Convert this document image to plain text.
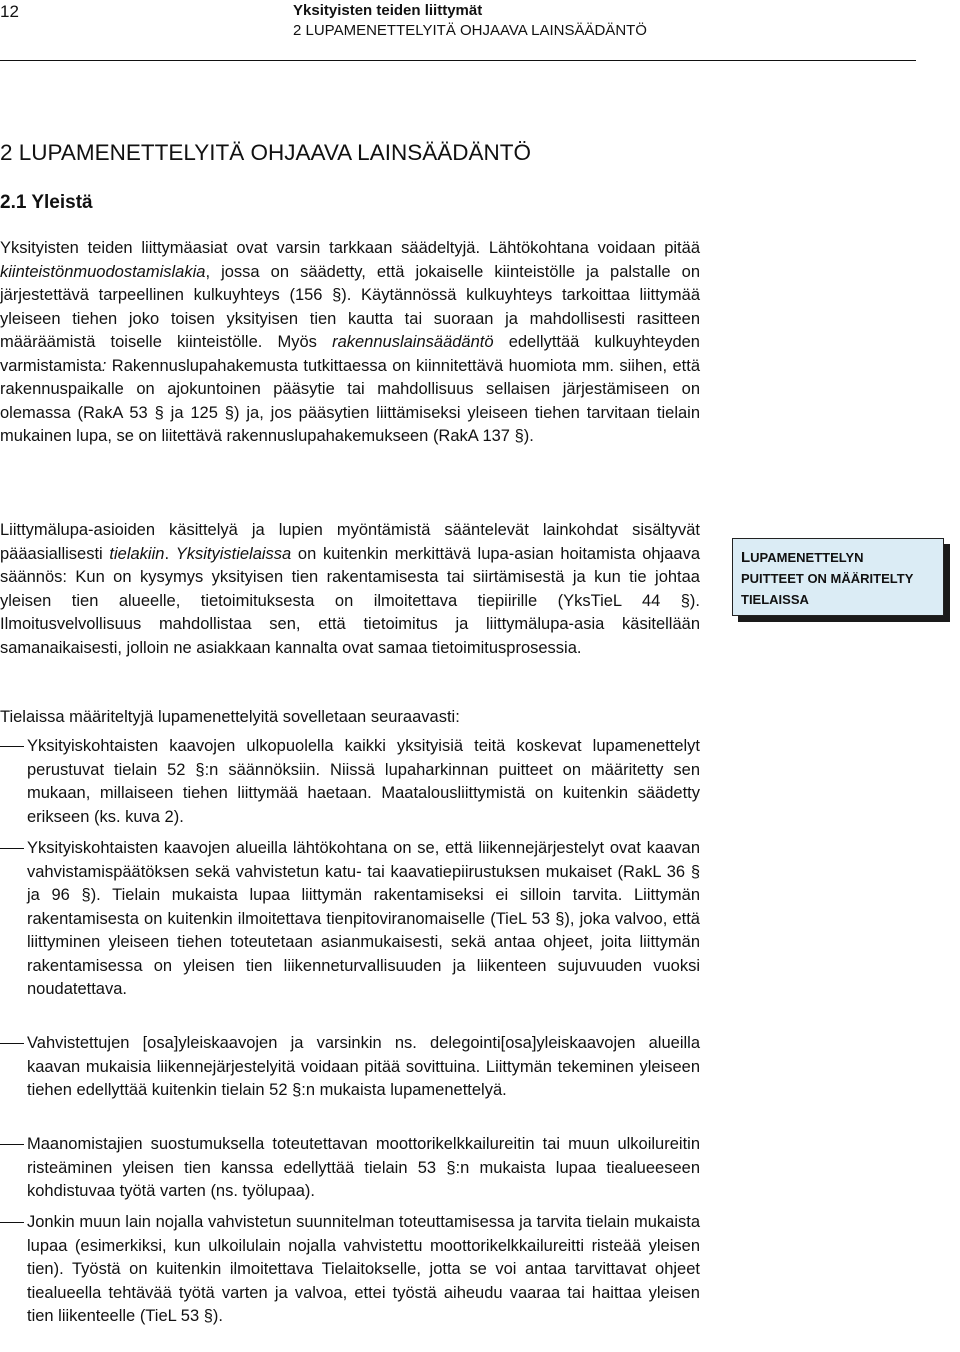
12	Yksityisten teiden liittymät
2 LUPAMENETTELYITÄ OHJAAVA LAINSÄÄDÄNTÖ
2 LUPAMENETTELYITÄ OHJAAVA LAINSÄÄDÄNTÖ
2.1 Yleistä

Yksityisten teiden liittymäasiat ovat varsin tarkkaan säädeltyjä. Lähtökohtana voidaan pitää kiinteistönmuodostamislakia, jossa on säädetty, että jokaiselle kiinteistölle ja palstalle on järjestettävä tarpeellinen kulkuyhteys (156 §). Käytännössä kulkuyhteys tarkoittaa liittymää yleiseen tiehen joko toisen yksityisen tien kautta tai suoraan ja mahdollisesti rasitteen määräämistä toiselle kiinteistölle. Myös rakennuslainsäädäntö edellyttää kulkuyhteyden varmistamista: Rakennuslupahakemusta tutkittaessa on kiinnitettävä huomiota mm. siihen, että rakennuspaikalle on ajokuntoinen pääsytie tai mahdollisuus sellaisen järjestämiseen on olemassa (RakA 53 § ja 125 §) ja, jos pääsytien liittämiseksi yleiseen tiehen tarvitaan tielain mukainen lupa, se on liitettävä rakennuslupahakemukseen (RakA 137 §).

Liittymälupa-asioiden käsittelyä ja lupien myöntämistä sääntelevät lainkohdat sisältyvät pääasiallisesti tielakiin. Yksityistielaissa on kuitenkin merkittävä lupa-asian hoitamista ohjaava säännös: Kun on kysymys yksityisen tien rakentamisesta tai siirtämisestä ja kun tie johtaa yleisen tien alueelle, tietoimituksesta on ilmoitettava tiepiirille (YksTieL 44 §). Ilmoitusvelvollisuus mahdollistaa sen, että tietoimitus ja liittymälupa-asia käsitellään samanaikaisesti, jolloin ne asiakkaan kannalta ovat samaa tietoimitusprosessia.

LUPAMENETTELYN
PUITTEET ON MÄÄRITELTY
TIELAISSA

Tielaissa määriteltyjä lupamenettelyitä sovelletaan seuraavasti:

Yksityiskohtaisten kaavojen ulkopuolella kaikki yksityisiä teitä koskevat lupamenettelyt perustuvat tielain 52 §:n säännöksiin. Niissä lupaharkinnan puitteet on määritetty sen mukaan, millaiseen tiehen liittymää haetaan. Maatalousliittymistä on kuitenkin säädetty erikseen (ks. kuva 2).

Yksityiskohtaisten kaavojen alueilla lähtökohtana on se, että liikennejärjestelyt ovat kaavan vahvistamispäätöksen sekä vahvistetun katu- tai kaavatiepiirustuksen mukaiset (RakL 36 § ja 96 §). Tielain mukaista lupaa liittymän rakentamiseksi ei silloin tarvita. Liittymän rakentamisesta on kuitenkin ilmoitettava tienpitoviranomaiselle (TieL 53 §), joka valvoo, että liittyminen yleiseen tiehen toteutetaan asianmukaisesti, sekä antaa ohjeet, joita liittymän rakentamisessa on yleisen tien liikenneturvallisuuden ja liikenteen sujuvuuden vuoksi noudatettava.

Vahvistettujen [osa]yleiskaavojen ja varsinkin ns. delegointi[osa]yleiskaavojen alueilla kaavan mukaisia liikennejärjestelyitä voidaan pitää sovittuina. Liittymän tekeminen yleiseen tiehen edellyttää kuitenkin tielain 52 §:n mukaista lupamenettelyä.

Maanomistajien suostumuksella toteutettavan moottorikelkkailureitin tai muun ulkoilureitin risteäminen yleisen tien kanssa edellyttää tielain 53 §:n mukaista lupaa tiealueeseen kohdistuvaa työtä varten (ns. työlupaa).

Jonkin muun lain nojalla vahvistetun suunnitelman toteuttamisessa ja tarvita tielain mukaista lupaa (esimerkiksi, kun ulkoilulain nojalla vahvistettu moottorikelkkailureitti risteää yleisen tien). Työstä on kuitenkin ilmoitettava Tielaitokselle, jotta se voi antaa tarvittavat ohjeet tiealueella tehtävää työtä varten ja valvoa, ettei työstä aiheudu vaaraa tai haittaa yleisen tien liikenteelle (TieL 53 §).
